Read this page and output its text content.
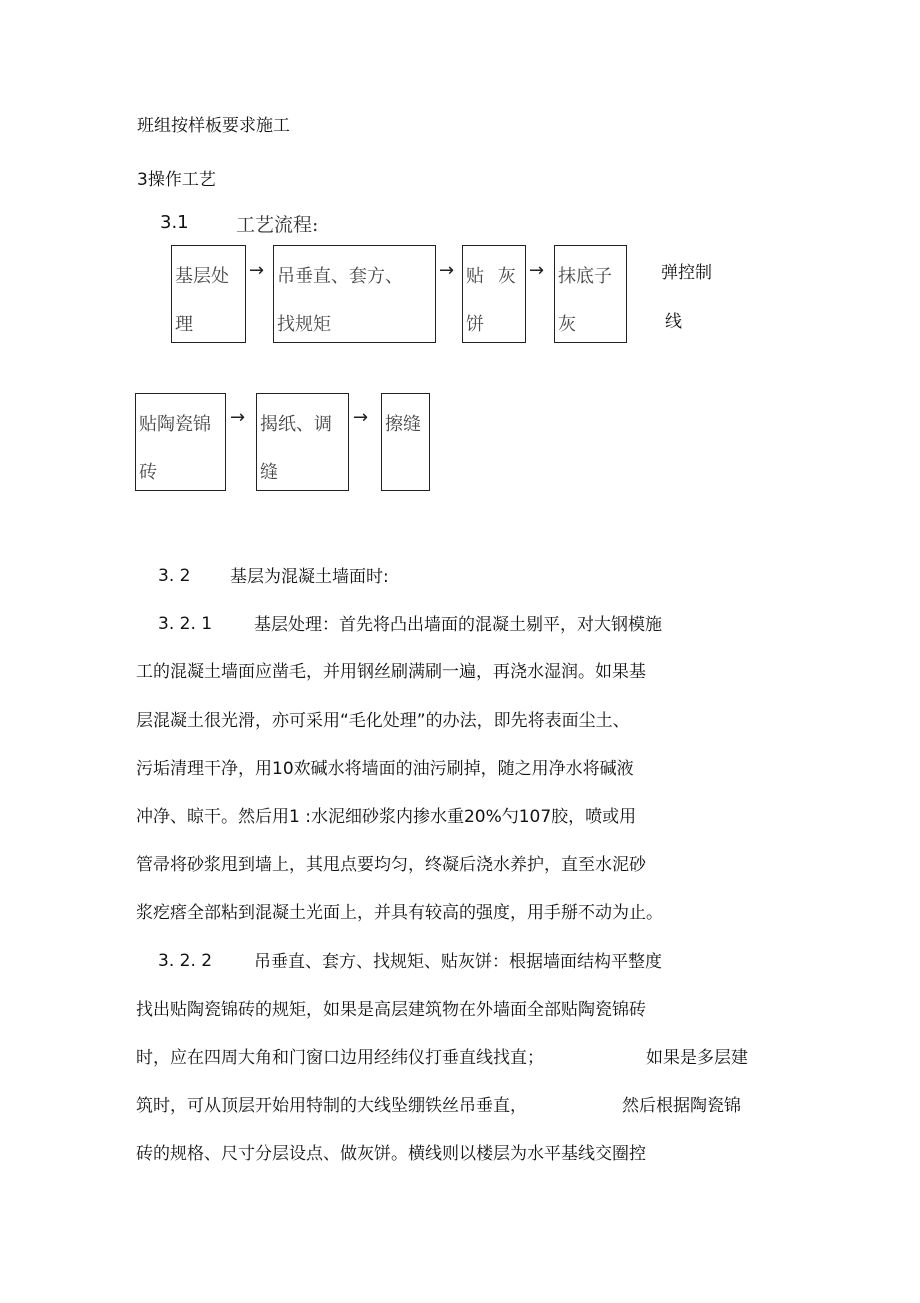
班组按样板要求施工
3操作工艺
3.1 工艺流程:
基层处
理
→ 吊垂直、套方、
找规矩
→ 贴 灰
饼
→ 抹底子
灰
弹控制
线
贴陶瓷锦
砖
→ 揭纸、调
缝
→ 擦缝
3. 2 基层为混凝土墙面时:
3. 2. 1 基层处理：首先将凸出墙面的混凝土剔平，对大钢模施
工的混凝土墙面应凿毛，并用钢丝刷满刷一遍，再浇水湿润。如果基
层混凝土很光滑，亦可采用“毛化处理”的办法，即先将表面尘土、
污垢清理干净，用10欢碱水将墙面的油污刷掉，随之用净水将碱液
冲净、晾干。然后用1 :水泥细砂浆内掺水重20%勺107胶，喷或用
管帚将砂浆甩到墙上，其甩点要均匀，终凝后浇水养护，直至水泥砂
浆疙瘩全部粘到混凝土光面上，并具有较高的强度，用手掰不动为止。
3. 2. 2 吊垂直、套方、找规矩、贴灰饼：根据墙面结构平整度
找出贴陶瓷锦砖的规矩，如果是高层建筑物在外墙面全部贴陶瓷锦砖
时，应在四周大角和门窗口边用经纬仪打垂直线找直；	如果是多层建
筑时，可从顶层开始用特制的大线坠绷铁丝吊垂直，	然后根据陶瓷锦
砖的规格、尺寸分层设点、做灰饼。横线则以楼层为水平基线交圈控
